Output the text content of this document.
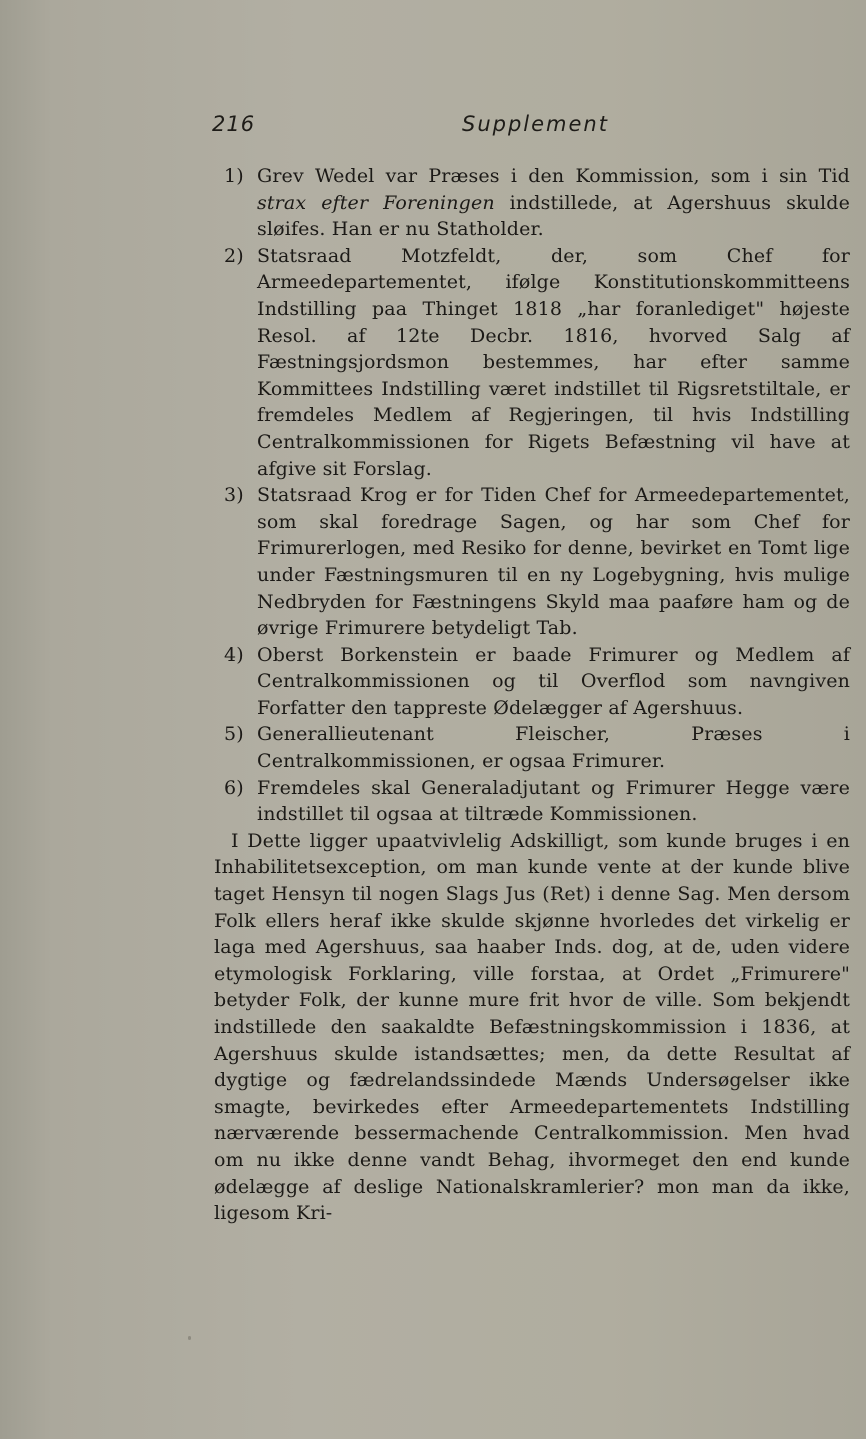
216	Supplement
1) Grev Wedel var Præses i den Kommission, som i sin Tid strax efter Foreningen indstillede, at Agershuus skulde sløifes. Han er nu Statholder.
2) Statsraad Motzfeldt, der, som Chef for Armeedepartementet, ifølge Konstitutionskommitteens Indstilling paa Thinget 1818 „har foranlediget" højeste Resol. af 12te Decbr. 1816, hvorved Salg af Fæstningsjordsmon bestemmes, har efter samme Kommittees Indstilling været indstillet til Rigsretstiltale, er fremdeles Medlem af Regjeringen, til hvis Indstilling Centralkommissionen for Rigets Befæstning vil have at afgive sit Forslag.
3) Statsraad Krog er for Tiden Chef for Armeedepartementet, som skal foredrage Sagen, og har som Chef for Frimurerlogen, med Resiko for denne, bevirket en Tomt lige under Fæstningsmuren til en ny Logebygning, hvis mulige Nedbryden for Fæstningens Skyld maa paaføre ham og de øvrige Frimurere betydeligt Tab.
4) Oberst Borkenstein er baade Frimurer og Medlem af Centralkommissionen og til Overflod som navngiven Forfatter den tappreste Ødelægger af Agershuus.
5) Generallieutenant Fleischer, Præses i Centralkommissionen, er ogsaa Frimurer.
6) Fremdeles skal Generaladjutant og Frimurer Hegge være indstillet til ogsaa at tiltræde Kommissionen.

I Dette ligger upaatvivlelig Adskilligt, som kunde bruges i en Inhabilitetsexception, om man kunde vente at der kunde blive taget Hensyn til nogen Slags Jus (Ret) i denne Sag. Men dersom Folk ellers heraf ikke skulde skjønne hvorledes det virkelig er laga med Agershuus, saa haaber Inds. dog, at de, uden videre etymologisk Forklaring, ville forstaa, at Ordet „Frimurere" betyder Folk, der kunne mure frit hvor de ville. Som bekjendt indstillede den saakaldte Befæstningskommission i 1836, at Agershuus skulde istandsættes; men, da dette Resultat af dygtige og fædrelandssindede Mænds Undersøgelser ikke smagte, bevirkedes efter Armeedepartementets Indstilling nærværende bessermachende Centralkommission. Men hvad om nu ikke denne vandt Behag, ihvormeget den end kunde ødelægge af deslige Nationalskramlerier? mon man da ikke, ligesom Kri-
